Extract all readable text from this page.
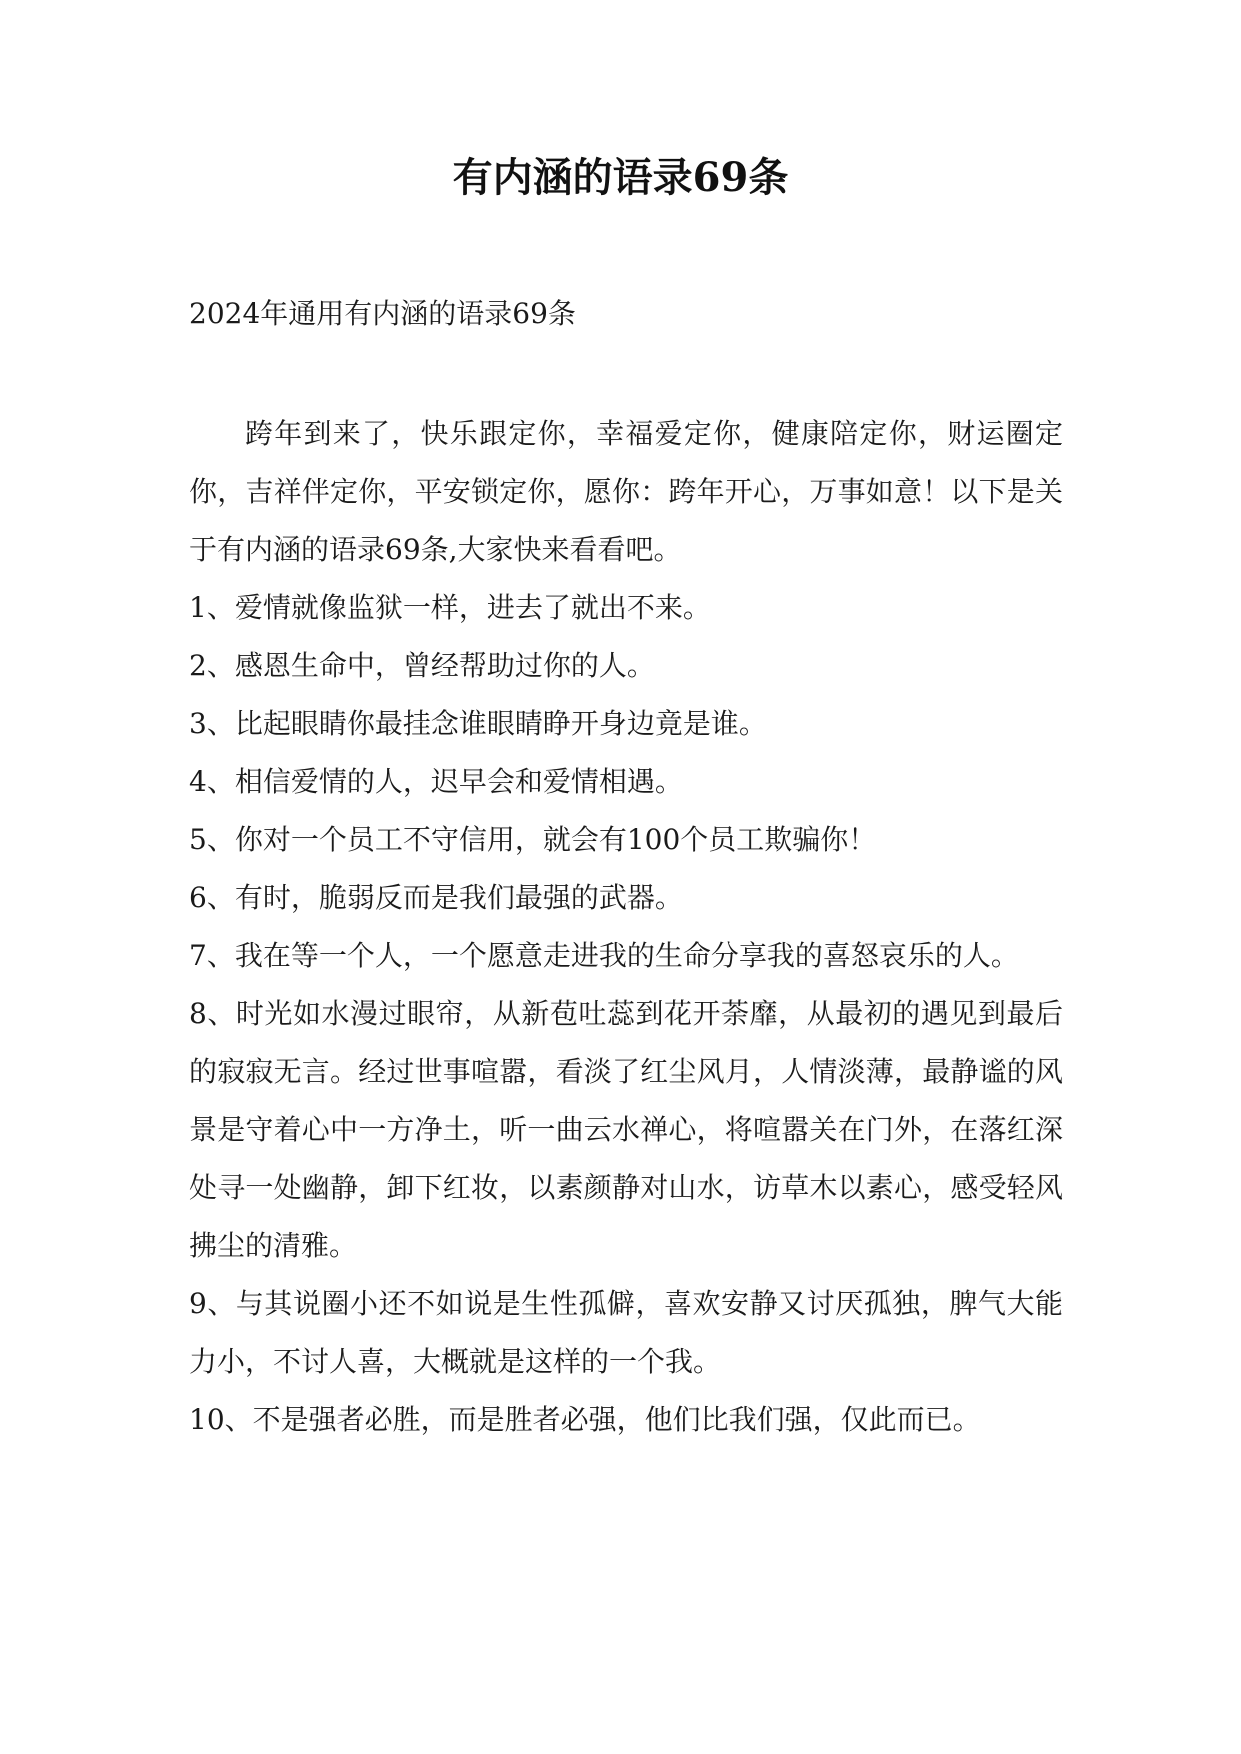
有内涵的语录69条
2024年通用有内涵的语录69条

跨年到来了，快乐跟定你，幸福爱定你，健康陪定你，财运圈定你，吉祥伴定你，平安锁定你，愿你：跨年开心，万事如意！以下是关于有内涵的语录69条,大家快来看看吧。

1、爱情就像监狱一样，进去了就出不来。

2、感恩生命中，曾经帮助过你的人。

3、比起眼睛你最挂念谁眼睛睁开身边竟是谁。

4、相信爱情的人，迟早会和爱情相遇。

5、你对一个员工不守信用，就会有100个员工欺骗你！

6、有时，脆弱反而是我们最强的武器。

7、我在等一个人，一个愿意走进我的生命分享我的喜怒哀乐的人。

8、时光如水漫过眼帘，从新苞吐蕊到花开荼靡，从最初的遇见到最后的寂寂无言。经过世事喧嚣，看淡了红尘风月，人情淡薄，最静谧的风景是守着心中一方净土，听一曲云水禅心，将喧嚣关在门外，在落红深处寻一处幽静，卸下红妆，以素颜静对山水，访草木以素心，感受轻风拂尘的清雅。

9、与其说圈小还不如说是生性孤僻，喜欢安静又讨厌孤独，脾气大能力小，不讨人喜，大概就是这样的一个我。

10、不是强者必胜，而是胜者必强，他们比我们强，仅此而已。
